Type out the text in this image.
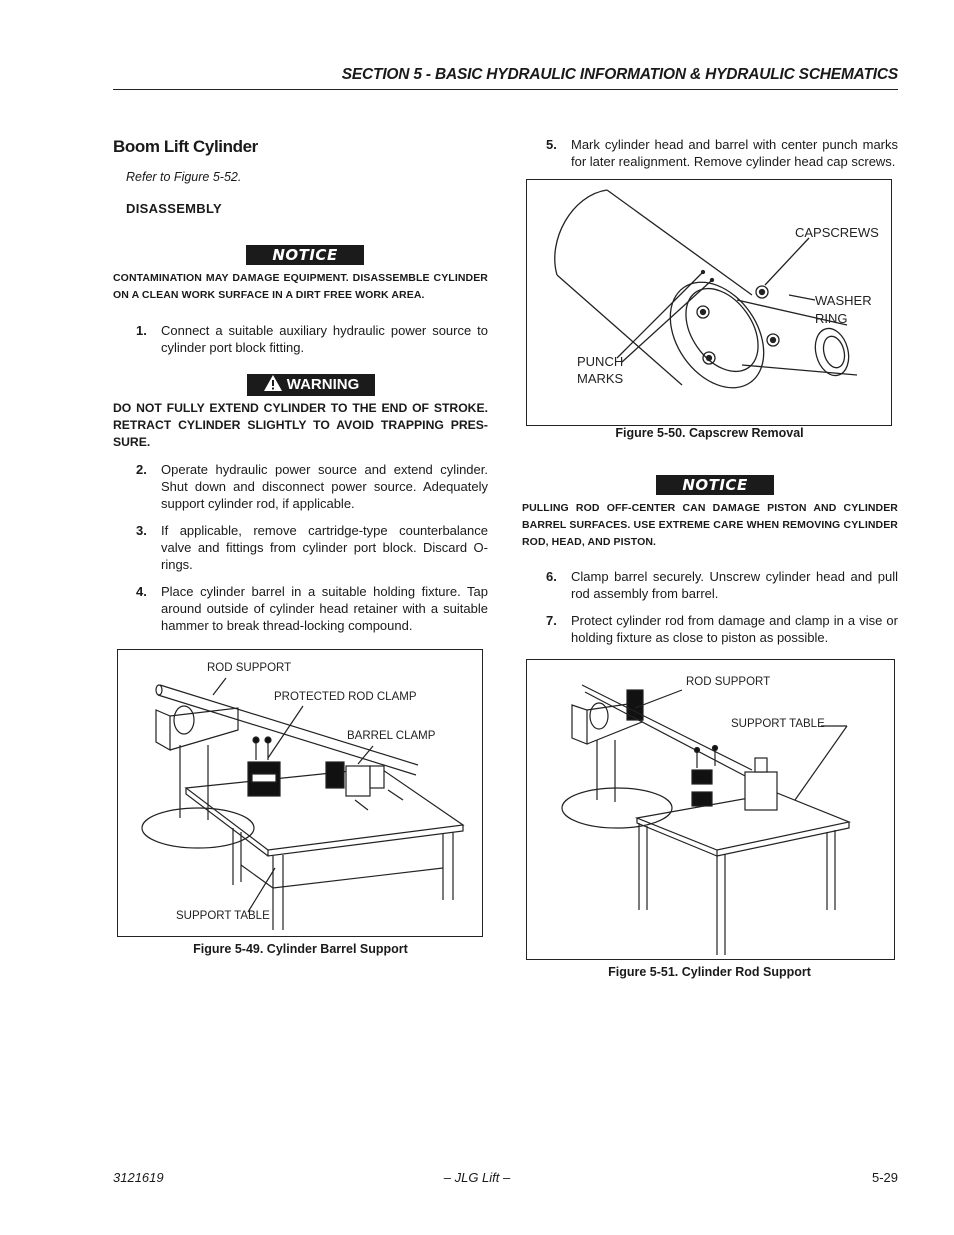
SECTION 5 - BASIC HYDRAULIC INFORMATION & HYDRAULIC SCHEMATICS
Boom Lift Cylinder
Refer to Figure 5-52.
DISASSEMBLY
NOTICE
CONTAMINATION MAY DAMAGE EQUIPMENT. DISASSEMBLE CYLINDER ON A CLEAN WORK SURFACE IN A DIRT FREE WORK AREA.
1. Connect a suitable auxiliary hydraulic power source to cylinder port block fitting.
WARNING
DO NOT FULLY EXTEND CYLINDER TO THE END OF STROKE. RETRACT CYLINDER SLIGHTLY TO AVOID TRAPPING PRES-SURE.
2. Operate hydraulic power source and extend cylinder. Shut down and disconnect power source. Adequately support cylinder rod, if applicable.
3. If applicable, remove cartridge-type counterbalance valve and fittings from cylinder port block. Discard O-rings.
4. Place cylinder barrel in a suitable holding fixture. Tap around outside of cylinder head retainer with a suitable hammer to break thread-locking compound.
ROD SUPPORT
PROTECTED ROD CLAMP
BARREL CLAMP
SUPPORT TABLE
Figure 5-49. Cylinder Barrel Support
5. Mark cylinder head and barrel with center punch marks for later realignment. Remove cylinder head cap screws.
CAPSCREWS
WASHER
RING
PUNCH
MARKS
Figure 5-50. Capscrew Removal
NOTICE
PULLING ROD OFF-CENTER CAN DAMAGE PISTON AND CYLINDER BARREL SURFACES. USE EXTREME CARE WHEN REMOVING CYLINDER ROD, HEAD, AND PISTON.
6. Clamp barrel securely. Unscrew cylinder head and pull rod assembly from barrel.
7. Protect cylinder rod from damage and clamp in a vise or holding fixture as close to piston as possible.
ROD SUPPORT
SUPPORT TABLE
Figure 5-51. Cylinder Rod Support
3121619	– JLG Lift –	5-29
